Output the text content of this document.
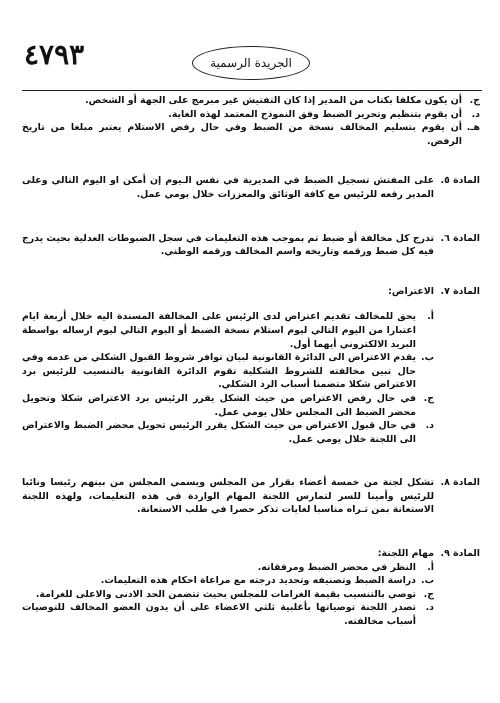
٤٧٩٣	الجريدة الرسمية
ج.
أن يكون مكلفا بكتاب من المدير إذا كان التفتيش غير مبرمج على الجهة أو الشخص.
د.
أن يقوم بتنظيم وتحرير الضبط وفق النموذج المعتمد لهذه الغاية.
هـ.
أن يقوم بتسليم المخالف نسخة من الضبط وفي حال رفض الاستلام يعتبر مبلغا من تاريخ الرفض.
المادة ٥.
على المفتش تسجيل الضبط في المديرية في نفس الـيوم إن أمكن او اليوم التالي وعلى المدير رفعه للرئيس مع كافة الوثائق والمعززات خلال يومي عمل.
المادة ٦.
تدرج كل مخالفة أو ضبط تم بموجب هذه التعليمات في سجل الضبوطات العدلية بحيث يدرج فيه كل ضبط ورقمه وتاريخه واسم المخالف ورقمه الوطني.
المادة ٧.
الاعتراض:
أ.
يحق للمخالف تقديم اعتراض لدى الرئيس على المخالفة المسندة اليه خلال أربعة ايام اعتبارا من اليوم التالي ليوم استلام نسخة الضبط أو اليوم التالي ليوم ارساله بواسطة البريد الالكتروني أيهما أول.
ب.
يقدم الاعتراض الى الدائرة القانونية لبيان توافر شروط القبول الشكلي من عدمه وفي حال تبين مخالفته للشروط الشكلية تقوم الدائرة القانونية بالتنسيب للرئيس برد الاعتراض شكلا متضمنا أسباب الرد الشكلي.
ج.
في حال رفض الاعتراض من حيث الشكل يقرر الرئيس برد الاعتراض شكلا وتحويل محضر الضبط الى المجلس خلال يومي عمل.
د.
في حال قبول الاعتراض من حيث الشكل يقرر الرئيس تحويل محضر الضبط والاعتراض الى اللجنة خلال يومي عمل.
المادة ٨.
تشكل لجنة من خمسة أعضاء بقرار من المجلس ويسمي المجلس من بينهم رئيسا ونائبا للرئيس وأمينا للسر لتمارس اللجنة المهام الواردة في هذه التعليمات، ولهذه اللجنة الاستعانة بمن تـراه مناسبا لغايات تذكر حصرا في طلب الاستعانة.
المادة ٩.
مهام اللجنة:
أ.
النظر في محضر الضبط ومرفقاته.
ب.
دراسة الضبط وتصنيفه وتحديد درجته مع مراعاة احكام هذه التعليمات.
ج.
توصي بالتنسيب بقيمة الغرامات للمجلس بحيث تتضمن الحد الادنى والاعلى للغرامة.
د.
تصدر اللجنة توصياتها بأغلبية ثلثي الاعضاء على أن يدون العضو المخالف للتوصيات أسباب مخالفته.
